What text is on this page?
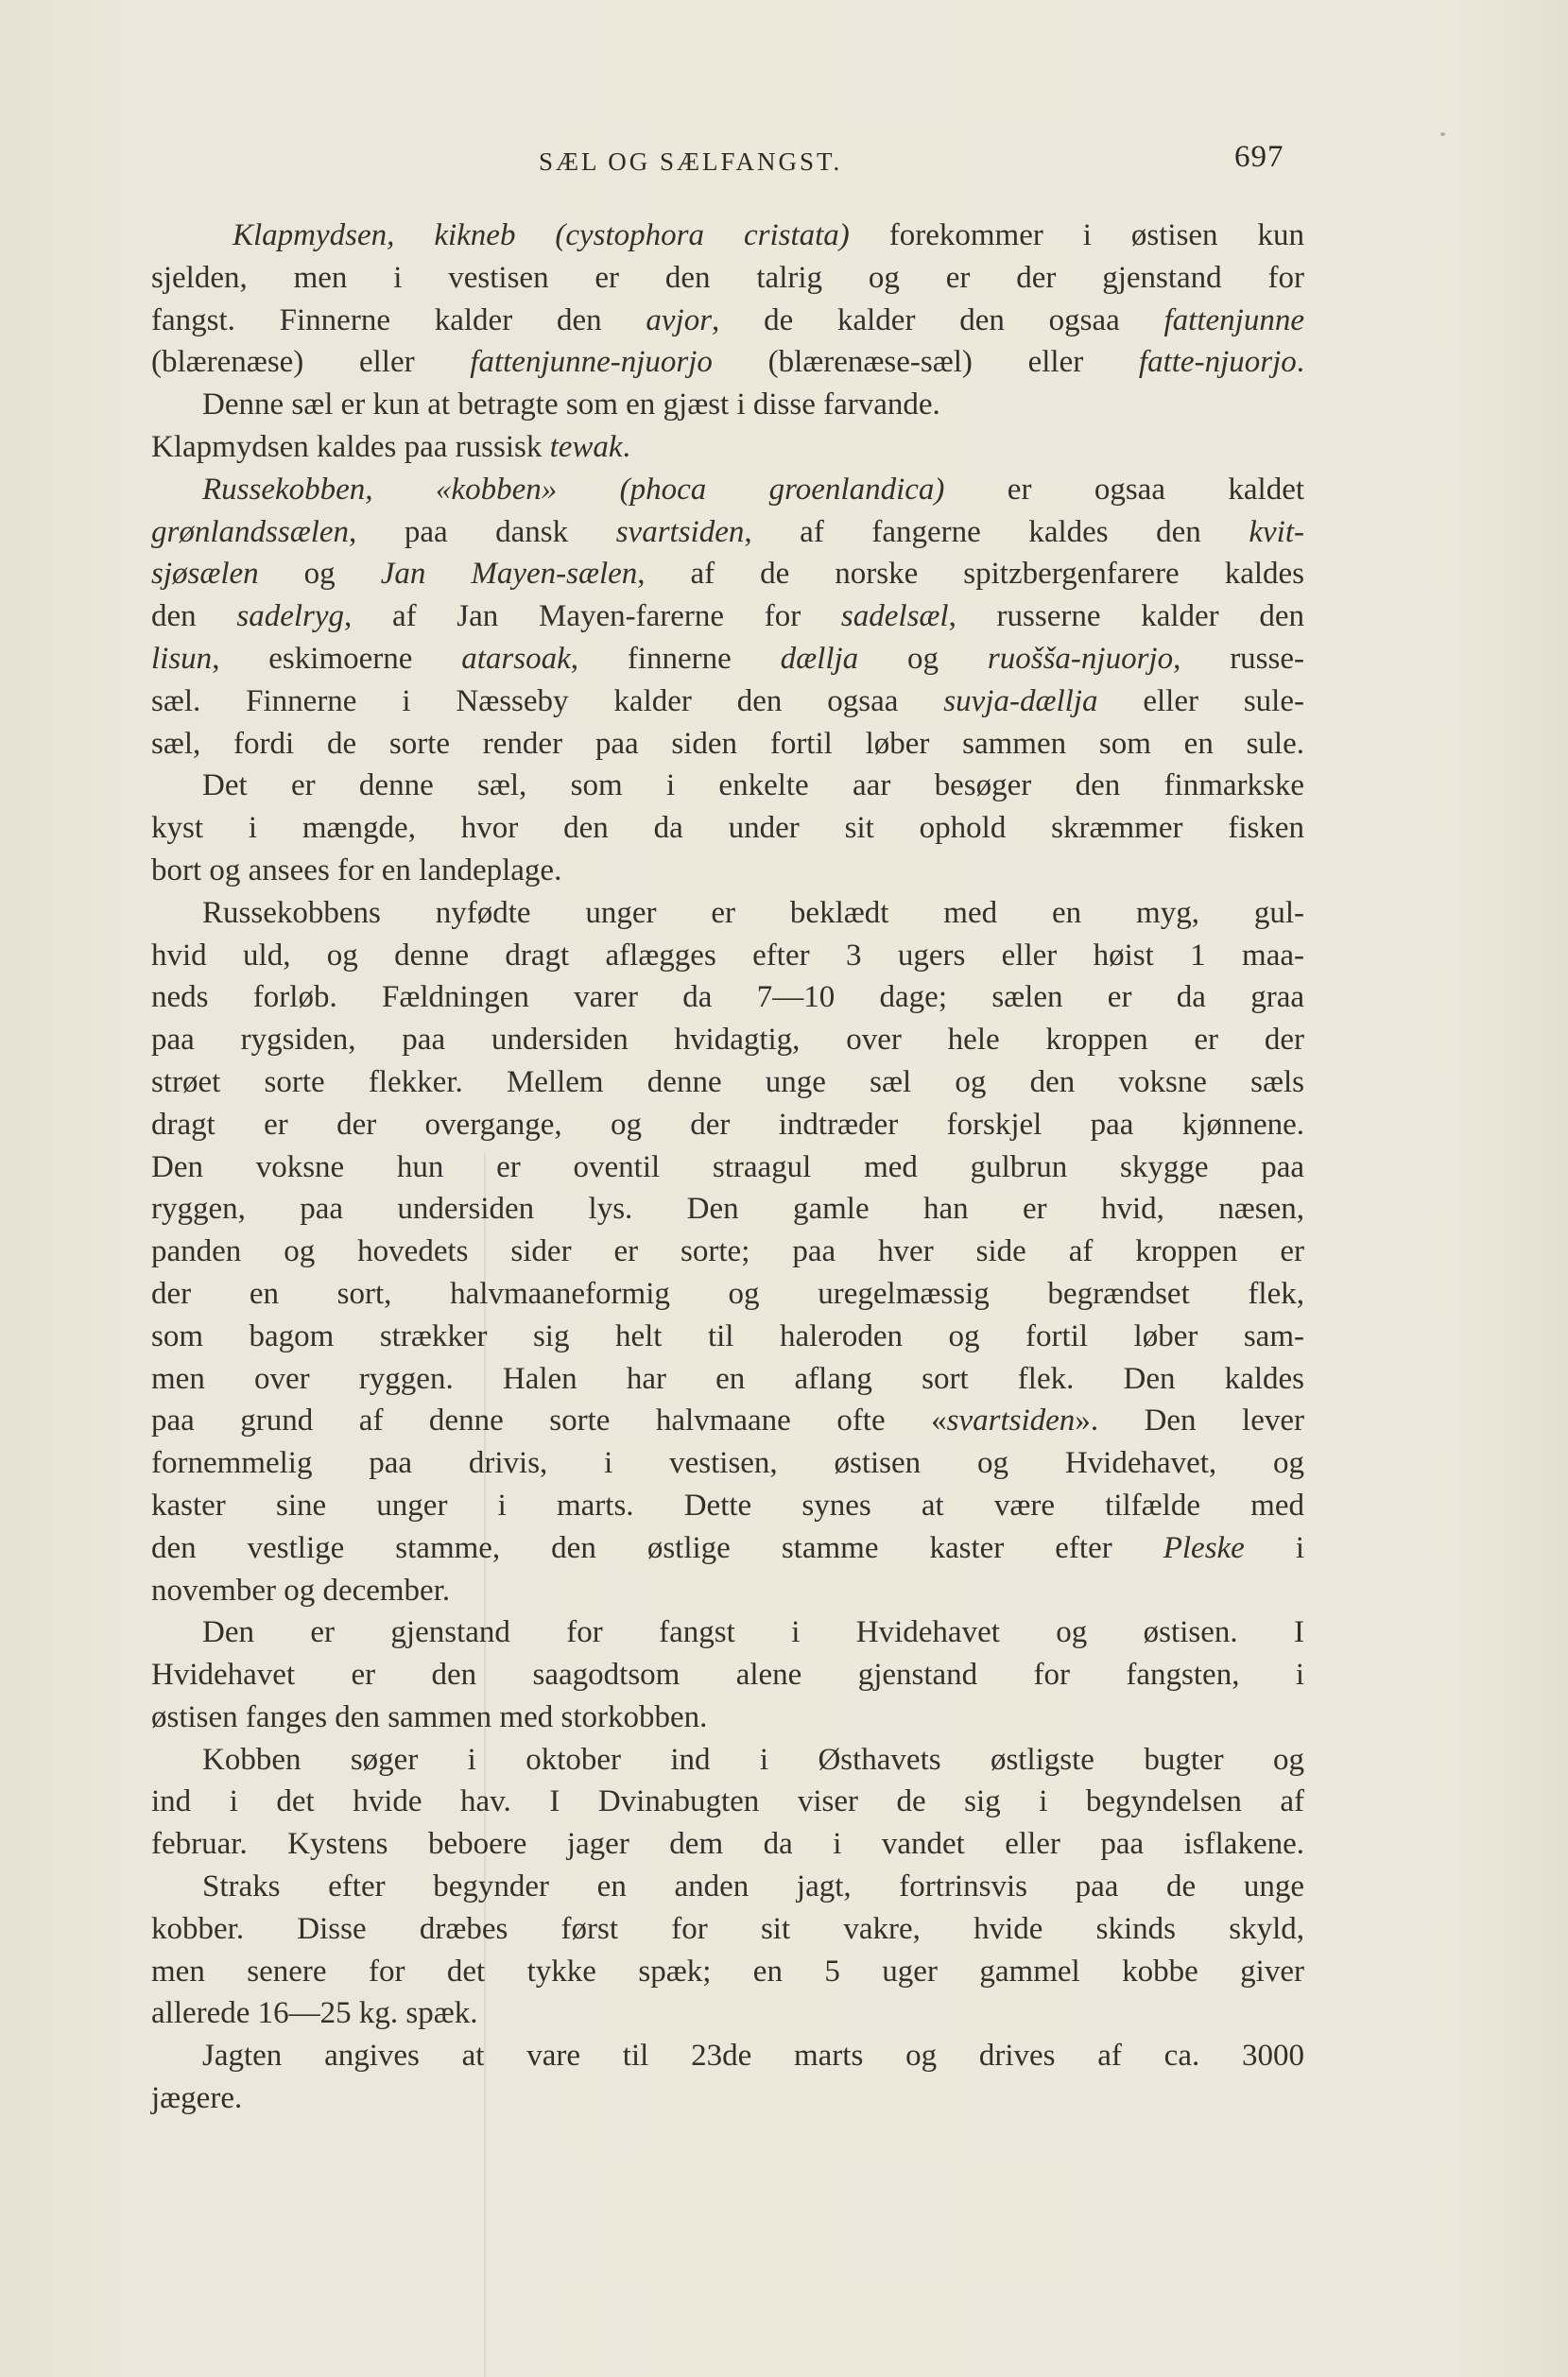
SÆL OG SÆLFANGST.	697
Klapmydsen, kikneb (cystophora cristata) forekommer i østisen kun
sjelden, men i vestisen er den talrig og er der gjenstand for
fangst. Finnerne kalder den avjor, de kalder den ogsaa fattenjunne
(blærenæse) eller fattenjunne-njuorjo (blærenæse-sæl) eller fatte-njuorjo.
Denne sæl er kun at betragte som en gjæst i disse farvande.
Klapmydsen kaldes paa russisk tewak.
Russekobben, «kobben» (phoca groenlandica) er ogsaa kaldet
grønlandssælen, paa dansk svartsiden, af fangerne kaldes den kvit-
sjøsælen og Jan Mayen-sælen, af de norske spitzbergenfarere kaldes
den sadelryg, af Jan Mayen-farerne for sadelsæl, russerne kalder den
lisun, eskimoerne atarsoak, finnerne dællja og ruošša-njuorjo, russe-
sæl. Finnerne i Næsseby kalder den ogsaa suvja-dællja eller sule-
sæl, fordi de sorte render paa siden fortil løber sammen som en sule.
Det er denne sæl, som i enkelte aar besøger den finmarkske
kyst i mængde, hvor den da under sit ophold skræmmer fisken
bort og ansees for en landeplage.
Russekobbens nyfødte unger er beklædt med en myg, gul-
hvid uld, og denne dragt aflægges efter 3 ugers eller høist 1 maa-
neds forløb. Fældningen varer da 7—10 dage; sælen er da graa
paa rygsiden, paa undersiden hvidagtig, over hele kroppen er der
strøet sorte flekker. Mellem denne unge sæl og den voksne sæls
dragt er der overgange, og der indtræder forskjel paa kjønnene.
Den voksne hun er oventil straagul med gulbrun skygge paa
ryggen, paa undersiden lys. Den gamle han er hvid, næsen,
panden og hovedets sider er sorte; paa hver side af kroppen er
der en sort, halvmaaneformig og uregelmæssig begrændset flek,
som bagom strækker sig helt til haleroden og fortil løber sam-
men over ryggen. Halen har en aflang sort flek. Den kaldes
paa grund af denne sorte halvmaane ofte «svartsiden». Den lever
fornemmelig paa drivis, i vestisen, østisen og Hvidehavet, og
kaster sine unger i marts. Dette synes at være tilfælde med
den vestlige stamme, den østlige stamme kaster efter Pleske i
november og december.
Den er gjenstand for fangst i Hvidehavet og østisen. I
Hvidehavet er den saagodtsom alene gjenstand for fangsten, i
østisen fanges den sammen med storkobben.
Kobben søger i oktober ind i Østhavets østligste bugter og
ind i det hvide hav. I Dvinabugten viser de sig i begyndelsen af
februar. Kystens beboere jager dem da i vandet eller paa isflakene.
Straks efter begynder en anden jagt, fortrinsvis paa de unge
kobber. Disse dræbes først for sit vakre, hvide skinds skyld,
men senere for det tykke spæk; en 5 uger gammel kobbe giver
allerede 16—25 kg. spæk.
Jagten angives at vare til 23de marts og drives af ca. 3000
jægere.
